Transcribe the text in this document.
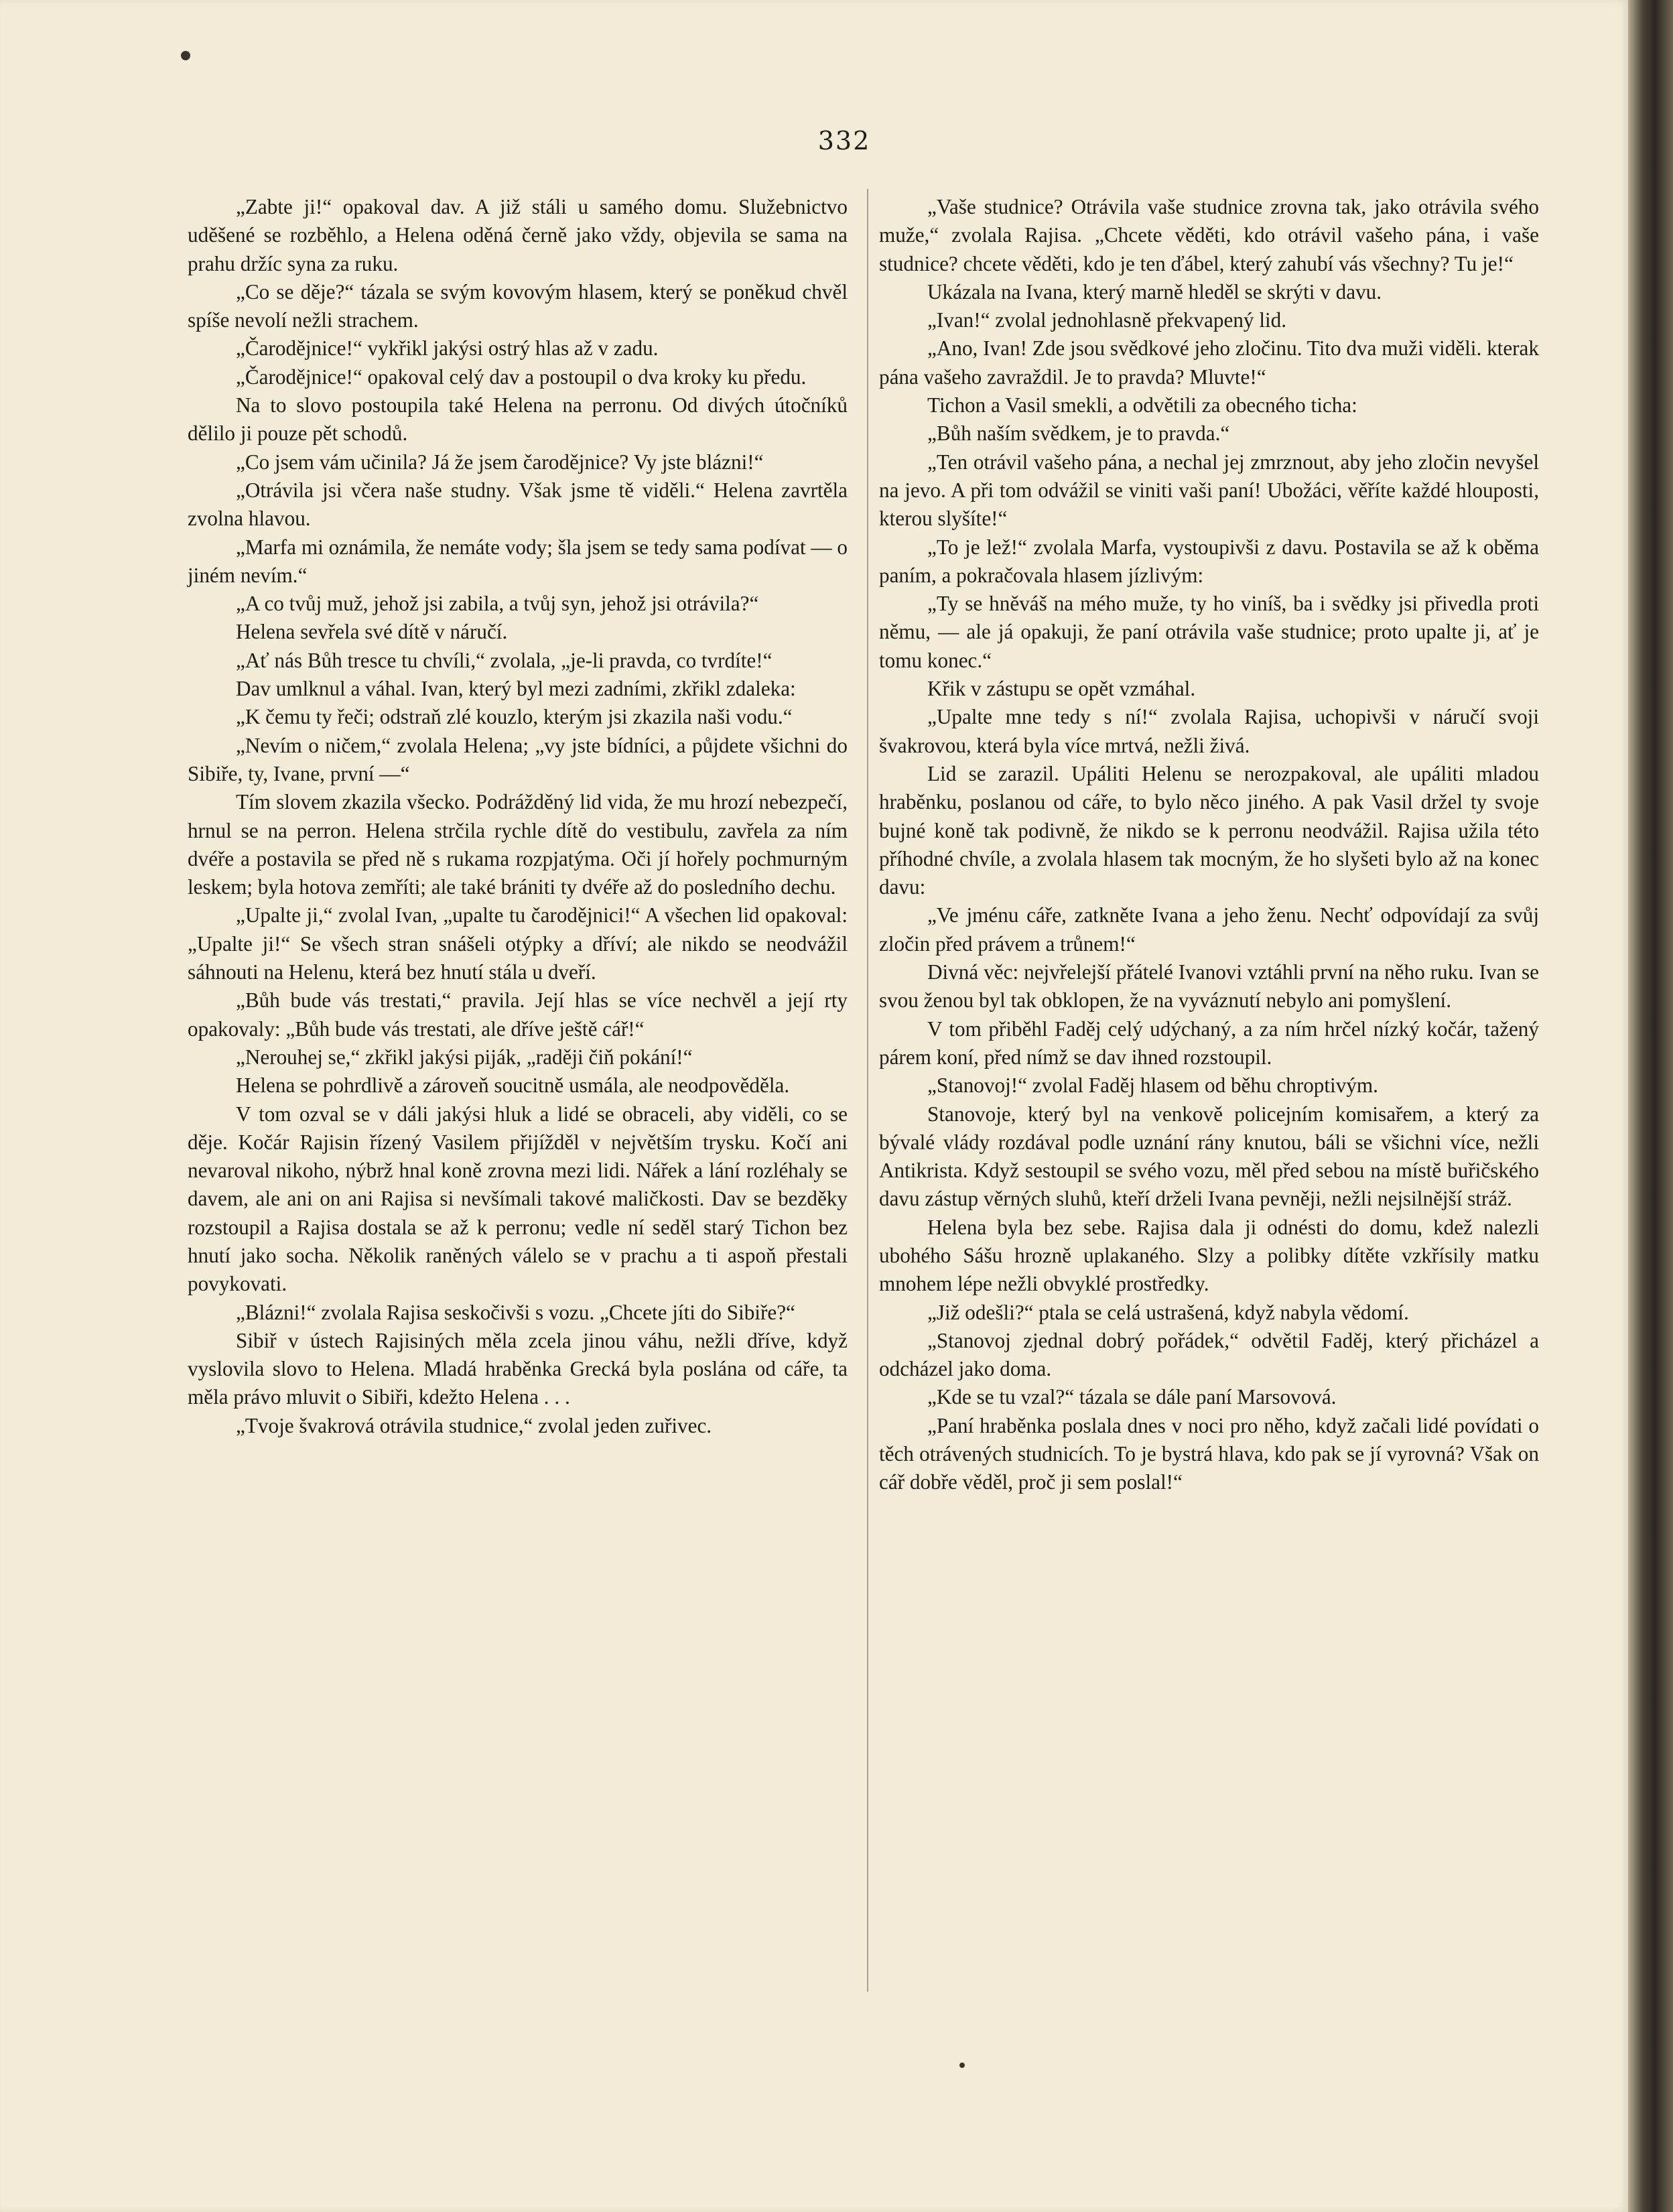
332

„Zabte ji!“ opakoval dav. A již stáli u samého domu. Služebnictvo uděšené se rozběhlo, a Helena oděná černě jako vždy, objevila se sama na prahu držíc syna za ruku.

„Co se děje?“ tázala se svým kovovým hlasem, který se poněkud chvěl spíše nevolí nežli strachem.

„Čarodějnice!“ vykřikl jakýsi ostrý hlas až v zadu.

„Čarodějnice!“ opakoval celý dav a postoupil o dva kroky ku předu.

Na to slovo postoupila také Helena na perronu. Od divých útočníků dělilo ji pouze pět schodů.

„Co jsem vám učinila? Já že jsem čarodějnice? Vy jste blázni!“

„Otrávila jsi včera naše studny. Však jsme tě viděli.“ Helena zavrtěla zvolna hlavou.

„Marfa mi oznámila, že nemáte vody; šla jsem se tedy sama podívat — o jiném nevím.“

„A co tvůj muž, jehož jsi zabila, a tvůj syn, jehož jsi otrávila?“

Helena sevřela své dítě v náručí.

„Ať nás Bůh tresce tu chvíli,“ zvolala, „je-li pravda, co tvrdíte!“

Dav umlknul a váhal. Ivan, který byl mezi zadními, zkřikl zdaleka:

„K čemu ty řeči; odstraň zlé kouzlo, kterým jsi zkazila naši vodu.“

„Nevím o ničem,“ zvolala Helena; „vy jste bídníci, a půjdete všichni do Sibiře, ty, Ivane, první —“

Tím slovem zkazila všecko. Podrážděný lid vida, že mu hrozí nebezpečí, hrnul se na perron. Helena strčila rychle dítě do vestibulu, zavřela za ním dvéře a postavila se před ně s rukama rozpjatýma. Oči jí hořely pochmurným leskem; byla hotova zemříti; ale také brániti ty dvéře až do posledního dechu.

„Upalte ji,“ zvolal Ivan, „upalte tu čarodějnici!“ A všechen lid opakoval: „Upalte ji!“ Se všech stran snášeli otýpky a dříví; ale nikdo se neodvážil sáhnouti na Helenu, která bez hnutí stála u dveří.

„Bůh bude vás trestati,“ pravila. Její hlas se více nechvěl a její rty opakovaly: „Bůh bude vás trestati, ale dříve ještě cář!“

„Nerouhej se,“ zkřikl jakýsi piják, „raději čiň pokání!“

Helena se pohrdlivě a zároveň soucitně usmála, ale neodpověděla.

V tom ozval se v dáli jakýsi hluk a lidé se obraceli, aby viděli, co se děje. Kočár Rajisin řízený Vasilem přijížděl v největším trysku. Kočí ani nevaroval nikoho, nýbrž hnal koně zrovna mezi lidi. Nářek a lání rozléhaly se davem, ale ani on ani Rajisa si nevšímali takové maličkosti. Dav se bezděky rozstoupil a Rajisa dostala se až k perronu; vedle ní seděl starý Tichon bez hnutí jako socha. Několik raněných válelo se v prachu a ti aspoň přestali povykovati.

„Blázni!“ zvolala Rajisa seskočivši s vozu. „Chcete jíti do Sibiře?“

Sibiř v ústech Rajisiných měla zcela jinou váhu, nežli dříve, když vyslovila slovo to Helena. Mladá hraběnka Grecká byla poslána od cáře, ta měla právo mluvit o Sibiři, kdežto Helena . . .

„Tvoje švakrová otrávila studnice,“ zvolal jeden zuřivec.

„Vaše studnice? Otrávila vaše studnice zrovna tak, jako otrávila svého muže,“ zvolala Rajisa. „Chcete věděti, kdo otrávil vašeho pána, i vaše studnice? chcete věděti, kdo je ten ďábel, který zahubí vás všechny? Tu je!“

Ukázala na Ivana, který marně hleděl se skrýti v davu.

„Ivan!“ zvolal jednohlasně překvapený lid.

„Ano, Ivan! Zde jsou svědkové jeho zločinu. Tito dva muži viděli. kterak pána vašeho zavraždil. Je to pravda? Mluvte!“

Tichon a Vasil smekli, a odvětili za obecného ticha:

„Bůh naším svědkem, je to pravda.“

„Ten otrávil vašeho pána, a nechal jej zmrznout, aby jeho zločin nevyšel na jevo. A při tom odvážil se viniti vaši paní! Ubožáci, věříte každé hlouposti, kterou slyšíte!“

„To je lež!“ zvolala Marfa, vystoupivši z davu. Postavila se až k oběma paním, a pokračovala hlasem jízlivým:

„Ty se hněváš na mého muže, ty ho viníš, ba i svědky jsi přivedla proti němu, — ale já opakuji, že paní otrávila vaše studnice; proto upalte ji, ať je tomu konec.“

Křik v zástupu se opět vzmáhal.

„Upalte mne tedy s ní!“ zvolala Rajisa, uchopivši v náručí svoji švakrovou, která byla více mrtvá, nežli živá.

Lid se zarazil. Upáliti Helenu se nerozpakoval, ale upáliti mladou hraběnku, poslanou od cáře, to bylo něco jiného. A pak Vasil držel ty svoje bujné koně tak podivně, že nikdo se k perronu neodvážil. Rajisa užila této příhodné chvíle, a zvolala hlasem tak mocným, že ho slyšeti bylo až na konec davu:

„Ve jménu cáře, zatkněte Ivana a jeho ženu. Nechť odpovídají za svůj zločin před právem a trůnem!“

Divná věc: nejvřelejší přátelé Ivanovi vztáhli první na něho ruku. Ivan se svou ženou byl tak obklopen, že na vyváznutí nebylo ani pomyšlení.

V tom přiběhl Faděj celý udýchaný, a za ním hrčel nízký kočár, tažený párem koní, před nímž se dav ihned rozstoupil.

„Stanovoj!“ zvolal Faděj hlasem od běhu chroptivým.

Stanovoje, který byl na venkově policejním komisařem, a který za bývalé vlády rozdával podle uznání rány knutou, báli se všichni více, nežli Antikrista. Když sestoupil se svého vozu, měl před sebou na místě buřičského davu zástup věrných sluhů, kteří drželi Ivana pevněji, nežli nejsilnější stráž.

Helena byla bez sebe. Rajisa dala ji odnésti do domu, kdež nalezli ubohého Sášu hrozně uplakaného. Slzy a polibky dítěte vzkřísily matku mnohem lépe nežli obvyklé prostředky.

„Již odešli?“ ptala se celá ustrašená, když nabyla vědomí.

„Stanovoj zjednal dobrý pořádek,“ odvětil Faděj, který přicházel a odcházel jako doma.

„Kde se tu vzal?“ tázala se dále paní Marsovová.

„Paní hraběnka poslala dnes v noci pro něho, když začali lidé povídati o těch otrávených studnicích. To je bystrá hlava, kdo pak se jí vyrovná? Však on cář dobře věděl, proč ji sem poslal!“
